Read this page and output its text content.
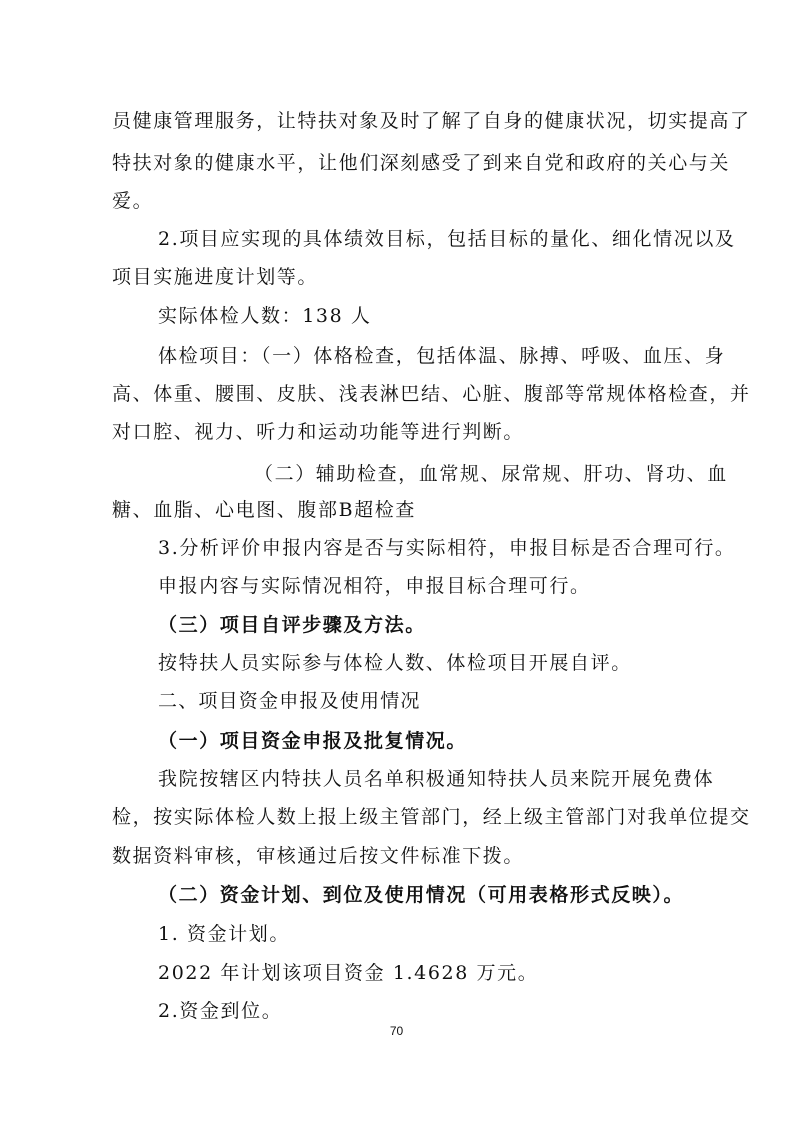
员健康管理服务，让特扶对象及时了解了自身的健康状况，切实提高了
特扶对象的健康水平，让他们深刻感受了到来自党和政府的关心与关
爱。
2.项目应实现的具体绩效目标，包括目标的量化、细化情况以及
项目实施进度计划等。
实际体检人数：138 人
体检项目：（一）体格检查，包括体温、脉搏、呼吸、血压、身
高、体重、腰围、皮肤、浅表淋巴结、心脏、腹部等常规体格检查，并
对口腔、视力、听力和运动功能等进行判断。
（二）辅助检查，血常规、尿常规、肝功、肾功、血
糖、血脂、心电图、腹部B超检查
3.分析评价申报内容是否与实际相符，申报目标是否合理可行。
申报内容与实际情况相符，申报目标合理可行。
（三）项目自评步骤及方法。
按特扶人员实际参与体检人数、体检项目开展自评。
二、项目资金申报及使用情况
（一）项目资金申报及批复情况。
我院按辖区内特扶人员名单积极通知特扶人员来院开展免费体
检，按实际体检人数上报上级主管部门，经上级主管部门对我单位提交
数据资料审核，审核通过后按文件标准下拨。
（二）资金计划、到位及使用情况（可用表格形式反映）。
1. 资金计划。
2022 年计划该项目资金 1.4628 万元。
2.资金到位。
70
